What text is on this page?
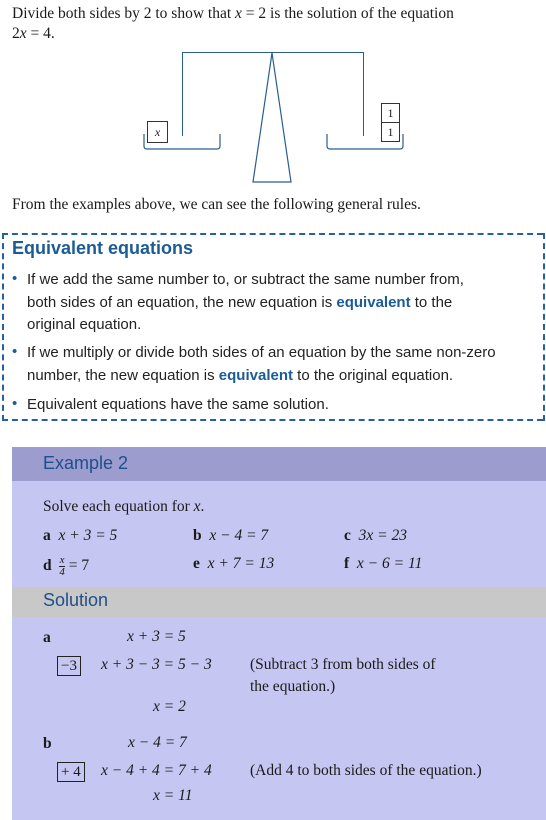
Divide both sides by 2 to show that x = 2 is the solution of the equation
2x = 4.
x
1
1
From the examples above, we can see the following general rules.
Equivalent equations
• If we add the same number to, or subtract the same number from,
both sides of an equation, the new equation is equivalent to the
original equation.
• If we multiply or divide both sides of an equation by the same non-zero
number, the new equation is equivalent to the original equation.
• Equivalent equations have the same solution.
Example 2
Solve each equation for x.
a x + 3 = 5	b x − 4 = 7	c 3x = 23
d $\frac{x}{4} = 7$	e x + 7 = 13	f x − 6 = 11
Solution
a	x + 3 = 5
−3 x + 3 − 3 = 5 − 3 (Subtract 3 from both sides of
the equation.)
x = 2
b	x − 4 = 7
+ 4 x − 4 + 4 = 7 + 4 (Add 4 to both sides of the equation.)
x = 11
